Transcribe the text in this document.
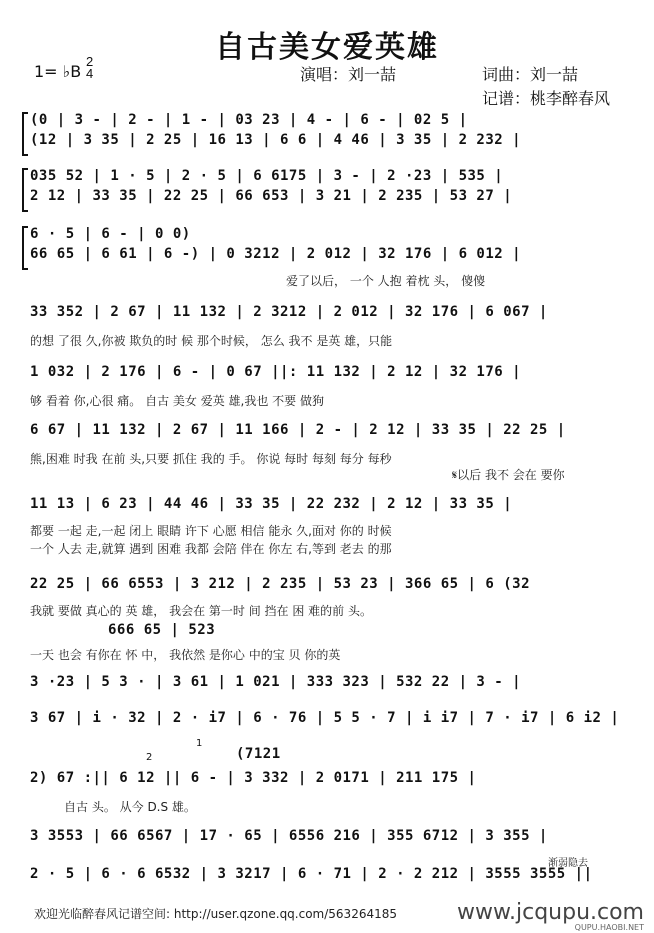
自古美女爱英雄
1= ♭B
2
4	演唱：刘一喆	词曲：刘一喆
记谱：桃李醉春风
(0 | 3 - | 2 - | 1 - | 03 23 | 4 - | 6 - | 02 5 |
(12 | 3 35 | 2 25 | 16 13 | 6 6 | 4 46 | 3 35 | 2 232 |
035 52 | 1 · 5 | 2 · 5 | 6 6175 | 3 - | 2 ·23 | 535 |
2 12 | 33 35 | 22 25 | 66 653 | 3 21 | 2 235 | 53 27 |
6 · 5 | 6 - | 0 0)
66 65 | 6 61 | 6 -) | 0 3212 | 2 012 | 32 176 | 6 012 |
爱了以后， 一个 人抱 着枕 头， 傻傻
33 352 | 2 67 | 11 132 | 2 3212 | 2 012 | 32 176 | 6 067 |
的想 了很 久,你被 欺负的时 候 那个时候， 怎么 我不 是英 雄，只能
1 032 | 2 176 | 6 - | 0 67 ||: 11 132 | 2 12 | 32 176 |
够 看着 你,心很 痛。 自古 美女 爱英 雄,我也 不要 做狗
6 67 | 11 132 | 2 67 | 11 166 | 2 - | 2 12 | 33 35 | 22 25 |
熊,困难 时我 在前 头,只要 抓住 我的 手。 你说 每时 每刻 每分 每秒
𝄋以后 我不 会在 要你
11 13 | 6 23 | 44 46 | 33 35 | 22 232 | 2 12 | 33 35 |
都要 一起 走,一起 闭上 眼睛 许下 心愿 相信 能永 久,面对 你的 时候
一个 人去 走,就算 遇到 困难 我都 会陪 伴在 你左 右,等到 老去 的那
22 25 | 66 6553 | 3 212 | 2 235 | 53 23 | 366 65 | 6 (32
我就 要做 真心的 英 雄， 我会在 第一时 间 挡在 困 难的前 头。
666 65 | 523
一天 也会 有你在 怀 中， 我依然 是你心 中的宝 贝 你的英
3 ·23 | 5 3 · | 3 61 | 1 021 | 333 323 | 532 22 | 3 - |
3 67 | i · 32 | 2 · i7 | 6 · 76 | 5 5 · 7 | i i7 | 7 · i7 | 6 i2 |
1
2	(7121
2) 67 :|| 6 12 || 6 - | 3 332 | 2 0171 | 211 175 |
自古 头。 从今 D.S 雄。
3 3553 | 66 6567 | 17 · 65 | 6556 216 | 355 6712 | 3 355 |
渐弱隐去
2 · 5 | 6 · 6 6532 | 3 3217 | 6 · 71 | 2 · 2 212 | 3555 3555 ||
欢迎光临醉春风记谱空间: http://user.qzone.qq.com/563264185	www.jcqupu.com
QUPU.HAOBI.NET
